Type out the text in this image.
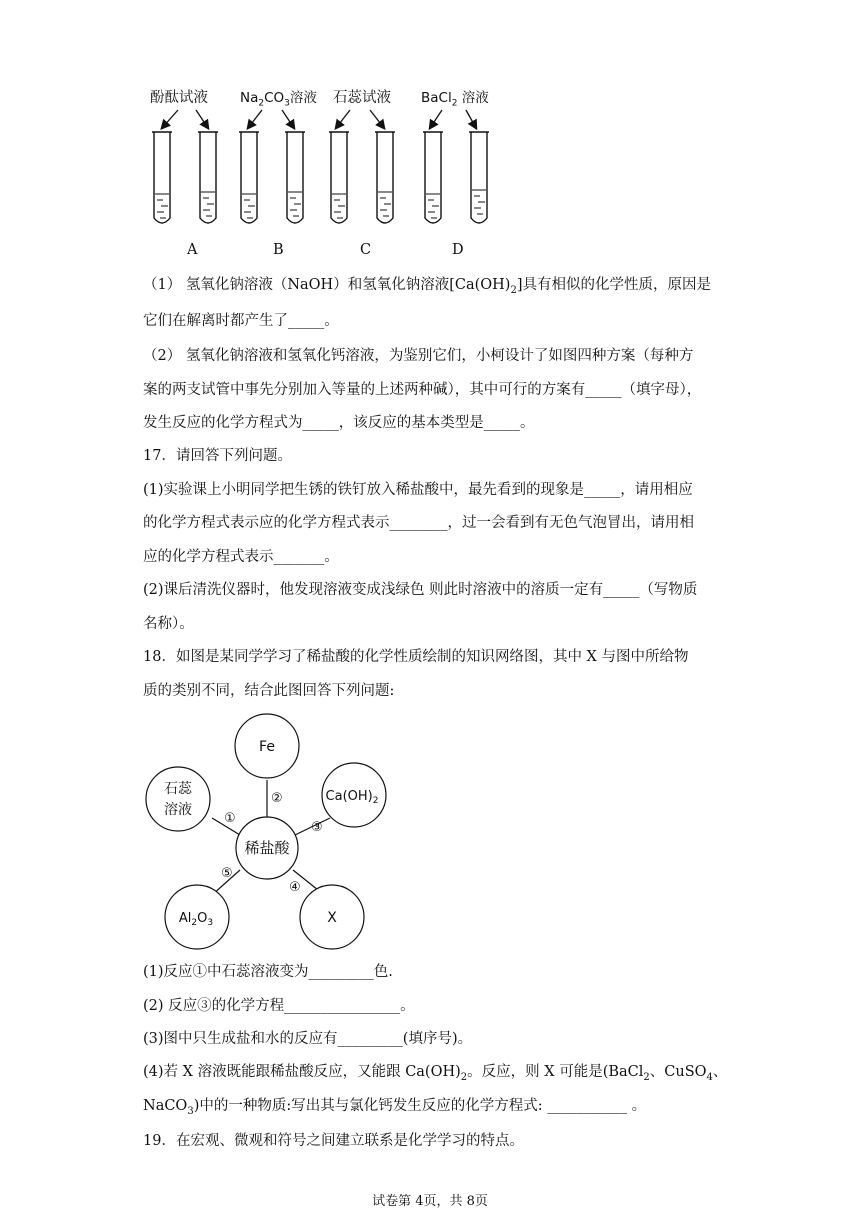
酚酞试液 $Na_2CO_3$溶液 石蕊试液 BaCl$_2$ 溶液
A	B	C	D
（1） 氢氧化钠溶液（NaOH）和氢氧化钠溶液$[Ca(OH)_2]$具有相似的化学性质，原因是
它们在解离时都产生了_____。
（2） 氢氧化钠溶液和氢氧化钙溶液，为鉴别它们，小柯设计了如图四种方案（每种方
案的两支试管中事先分别加入等量的上述两种碱），其中可行的方案有_____（填字母），
发生反应的化学方程式为_____，该反应的基本类型是_____。
17．请回答下列问题。
(1)实验课上小明同学把生锈的铁钉放入稀盐酸中，最先看到的现象是_____，请用相应
的化学方程式表示应的化学方程式表示________，过一会看到有无色气泡冒出，请用相
应的化学方程式表示_______。
(2)课后清洗仪器时，他发现溶液变成浅绿色 则此时溶液中的溶质一定有_____（写物质
名称）。
18．如图是某同学学习了稀盐酸的化学性质绘制的知识网络图，其中 X 与图中所给物
质的类别不同，结合此图回答下列问题:
Fe
石蕊
溶液
$Ca(OH)_2$
稀盐酸
$Al_2O_3$	X
①
②
③
④
⑤
(1)反应①中石蕊溶液变为_________色.
(2) 反应③的化学方程________________。
(3)图中只生成盐和水的反应有_________(填序号)。
(4)若 X 溶液既能跟稀盐酸反应，又能跟 $Ca(OH)_2$。反应，则 X 可能是(BaCl$_2$、CuSO$_4$、
NaCO$_3$)中的一种物质:写出其与氯化钙发生反应的化学方程式: ___________ 。
19．在宏观、微观和符号之间建立联系是化学学习的特点。
试卷第 4页，共 8页
